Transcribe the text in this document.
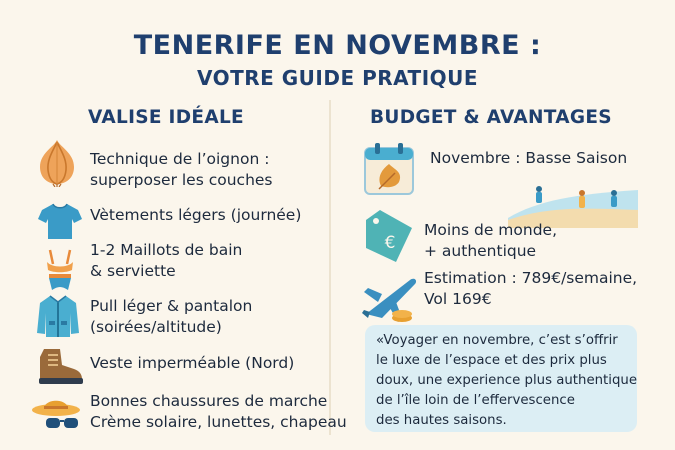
TENERIFE EN NOVEMBRE :
VOTRE GUIDE PRATIQUE
VALISE IDÉALE
Technique de l’oignon :
superposer les couches
Vètements légers (journée)
1-2 Maillots de bain
& serviette
Pull léger & pantalon
(soirées/altitude)
Veste imperméable (Nord)
Bonnes chaussures de marche
Crème solaire, lunettes, chapeau
BUDGET & AVANTAGES
Novembre : Basse Saison
€
Moins de monde,
+ authentique
Estimation : 789€/semaine,
Vol 169€
«Voyager en novembre, c’est s’offrir
le luxe de l’espace et des prix plus
doux, une experience plus authentique
de l’île loin de l’effervescence
des hautes saisons.
